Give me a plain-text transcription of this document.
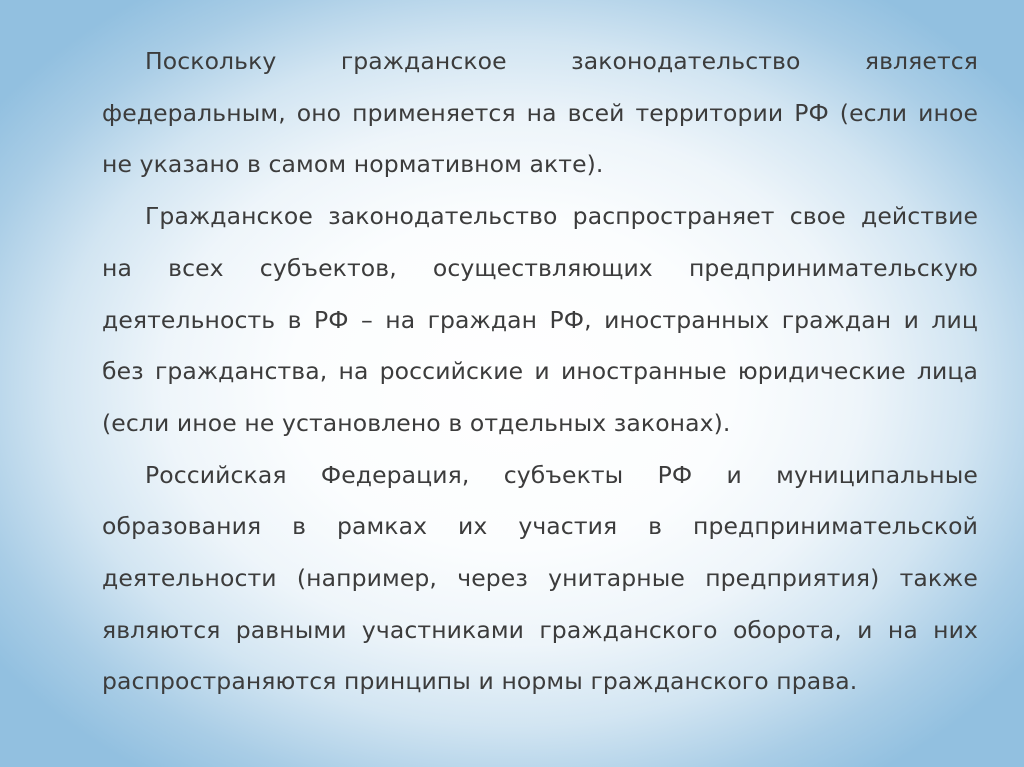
Поскольку гражданское законодательство является федеральным, оно применяется на всей территории РФ (если иное не указано в самом нормативном акте).

Гражданское законодательство распространяет свое действие на всех субъектов, осуществляющих предпринимательскую деятельность в РФ – на граждан РФ, иностранных граждан и лиц без гражданства, на российские и иностранные юридические лица (если иное не установлено в отдельных законах).

Российская Федерация, субъекты РФ и муниципальные образования в рамках их участия в предпринимательской деятельности (например, через унитарные предприятия) также являются равными участниками гражданского оборота, и на них распространяются принципы и нормы гражданского права.
